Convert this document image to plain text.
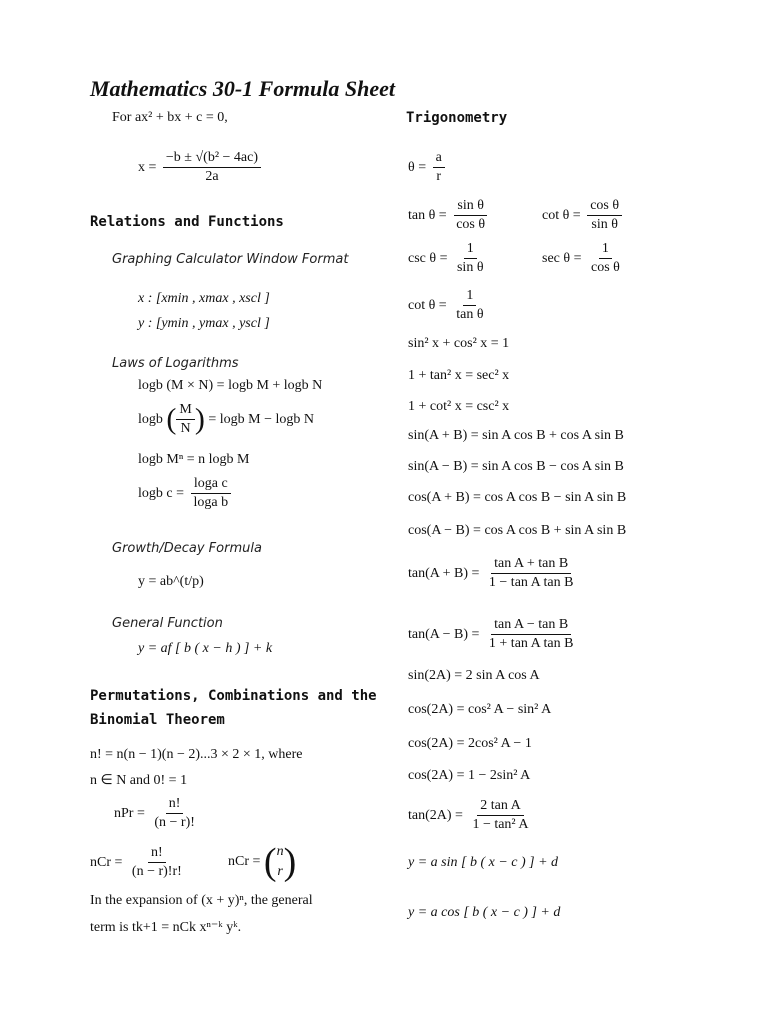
Mathematics 30-1 Formula Sheet
For ax² + bx + c = 0,
$x = \frac{\text{−b ± √(b² − 4ac)}}{2a}$
Relations and Functions
Graphing Calculator Window Format
x : [xmin , xmax , xscl ]
y : [ymin , ymax , yscl ]
Laws of Logarithms
logb (M × N) = logb M + logb N
logb ( $\frac{M}{N}$ ) = logb M − logb N
logb Mⁿ = n logb M
logb $c = \frac{\text{loga c}}{\text{loga b}}$
Growth/Decay Formula
y = ab^(t/p)
General Function
y = af [ b ( x − h ) ] + k
Permutations, Combinations and the
Binomial Theorem
n! = n(n − 1)(n − 2)...3 × 2 × 1, where
n ∈ N and 0! = 1
nPr = $\frac{n!}{(n - r)!}$
nCr = $\frac{n!}{(n - r)!r!}$	nCr = ( n
r )
In the expansion of (x + y)ⁿ, the general
term is tk+1 = nCk xⁿ⁻ᵏ yᵏ.
Trigonometry
$\theta = \frac{a}{r}$
$\tan \theta = \frac{\text{sin θ}}{\text{cos θ}}$	$\cot \theta = \frac{\text{cos θ}}{\text{sin θ}}$
$\csc \theta = \frac{1}{\text{sin θ}}$	$\sec \theta = \frac{1}{\text{cos θ}}$
$\cot \theta = \frac{1}{\text{tan θ}}$
sin² x + cos² x = 1
1 + tan² x = sec² x
1 + cot² x = csc² x
sin(A + B) = sin A cos B + cos A sin B
sin(A − B) = sin A cos B − cos A sin B
cos(A + B) = cos A cos B − sin A sin B
cos(A − B) = cos A cos B + sin A sin B
$\tan(A + B) = \frac{\text{tan A + tan B}}{\text{1 − tan A tan B}}$
$\tan(A - B) = \frac{\text{tan A − tan B}}{\text{1 + tan A tan B}}$
sin(2A) = 2 sin A cos A
cos(2A) = cos² A − sin² A
cos(2A) = 2cos² A − 1
cos(2A) = 1 − 2sin² A
$\tan(2A) = \frac{\text{2 tan A}}{\text{1 − tan² A}}$
y = a sin [ b ( x − c ) ] + d
y = a cos [ b ( x − c ) ] + d
